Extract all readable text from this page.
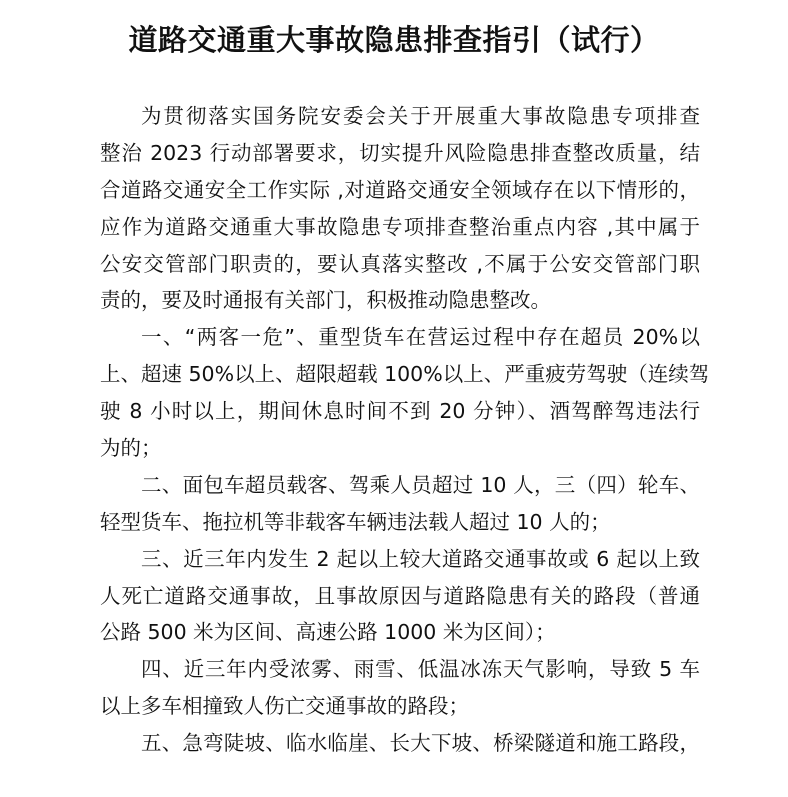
道路交通重大事故隐患排查指引（试行）
为贯彻落实国务院安委会关于开展重大事故隐患专项排查
整治 2023 行动部署要求，切实提升风险隐患排查整改质量，结
合道路交通安全工作实际 ,对道路交通安全领域存在以下情形的，
应作为道路交通重大事故隐患专项排查整治重点内容 ,其中属于
公安交管部门职责的，要认真落实整改 ,不属于公安交管部门职
责的，要及时通报有关部门，积极推动隐患整改。
一、“两客一危”、重型货车在营运过程中存在超员 20%以
上、超速 50%以上、超限超载 100%以上、严重疲劳驾驶（连续驾
驶 8 小时以上，期间休息时间不到 20 分钟）、酒驾醉驾违法行
为的；
二、面包车超员载客、驾乘人员超过 10 人，三（四）轮车、
轻型货车、拖拉机等非载客车辆违法载人超过 10 人的；
三、近三年内发生 2 起以上较大道路交通事故或 6 起以上致
人死亡道路交通事故，且事故原因与道路隐患有关的路段（普通
公路 500 米为区间、高速公路 1000 米为区间）；
四、近三年内受浓雾、雨雪、低温冰冻天气影响，导致 5 车
以上多车相撞致人伤亡交通事故的路段；
五、急弯陡坡、临水临崖、长大下坡、桥梁隧道和施工路段，
